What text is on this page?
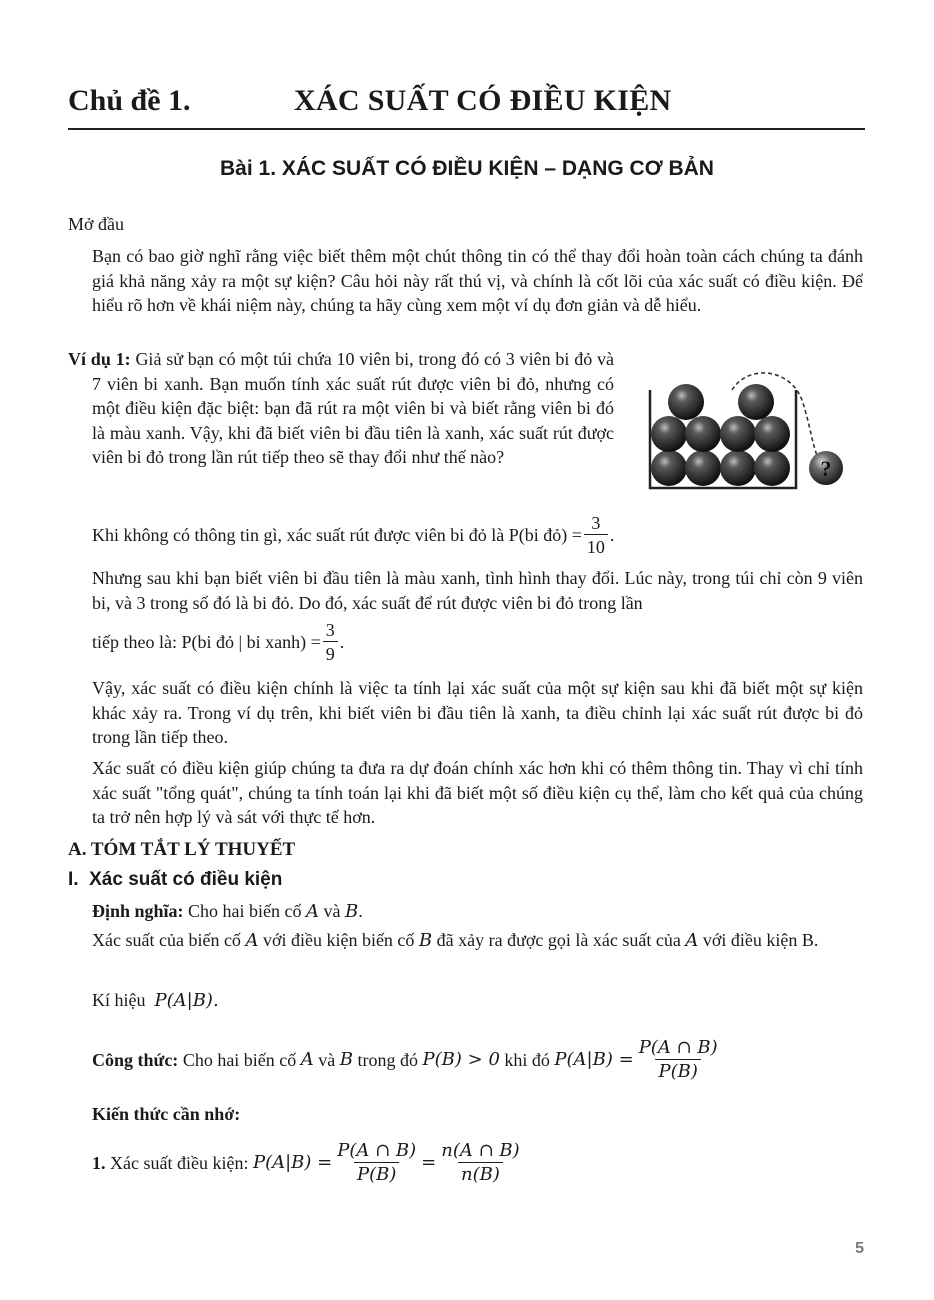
Chủ đề 1.	XÁC SUẤT CÓ ĐIỀU KIỆN
Bài 1. XÁC SUẤT CÓ ĐIỀU KIỆN – DẠNG CƠ BẢN
Mở đầu
Bạn có bao giờ nghĩ rằng việc biết thêm một chút thông tin có thể thay đổi hoàn toàn cách chúng ta đánh giá khả năng xảy ra một sự kiện? Câu hỏi này rất thú vị, và chính là cốt lõi của xác suất có điều kiện. Để hiểu rõ hơn về khái niệm này, chúng ta hãy cùng xem một ví dụ đơn giản và dễ hiểu.
Ví dụ 1: Giả sử bạn có một túi chứa 10 viên bi, trong đó có 3 viên bi đỏ và 7 viên bi xanh. Bạn muốn tính xác suất rút được viên bi đỏ, nhưng có một điều kiện đặc biệt: bạn đã rút ra một viên bi và biết rằng viên bi đó là màu xanh. Vậy, khi đã biết viên bi đầu tiên là xanh, xác suất rút được viên bi đỏ trong lần rút tiếp theo sẽ thay đổi như thế nào?	?
Khi không có thông tin gì, xác suất rút được viên bi đỏ là
P(bi đỏ) = $\frac{3}{10}$ .
Nhưng sau khi bạn biết viên bi đầu tiên là màu xanh, tình hình thay đổi. Lúc này, trong túi chỉ còn 9 viên bi, và 3 trong số đó là bi đỏ. Do đó, xác suất để rút được viên bi đỏ trong lần
tiếp theo là:
P(bi đỏ | bi xanh) = $\frac{3}{9}$ .
Vậy, xác suất có điều kiện chính là việc ta tính lại xác suất của một sự kiện sau khi đã biết một sự kiện khác xảy ra. Trong ví dụ trên, khi biết viên bi đầu tiên là xanh, ta điều chỉnh lại xác suất rút được bi đỏ trong lần tiếp theo.
Xác suất có điều kiện giúp chúng ta đưa ra dự đoán chính xác hơn khi có thêm thông tin. Thay vì chỉ tính xác suất "tổng quát", chúng ta tính toán lại khi đã biết một số điều kiện cụ thể, làm cho kết quả của chúng ta trở nên hợp lý và sát với thực tế hơn.
A. TÓM TẮT LÝ THUYẾT
I.  Xác suất có điều kiện
Định nghĩa: Cho hai biến cố A và B.
Xác suất của biến cố A với điều kiện biến cố B đã xảy ra được gọi là xác suất của A với điều kiện B.
Kí hiệu P(A|B).
Công thức:
Cho hai biến cố
A
và
B
trong đó
P(B) > 0
khi đó
$P(A|B) = \frac{P(A \cap B)}{P(B)}$
Kiến thức cần nhớ:
1.
Xác suất điều kiện:
$P(A|B) = \frac{P(A \cap B)}{P(B)} = \frac{n(A \cap B)}{n(B)}$
5
